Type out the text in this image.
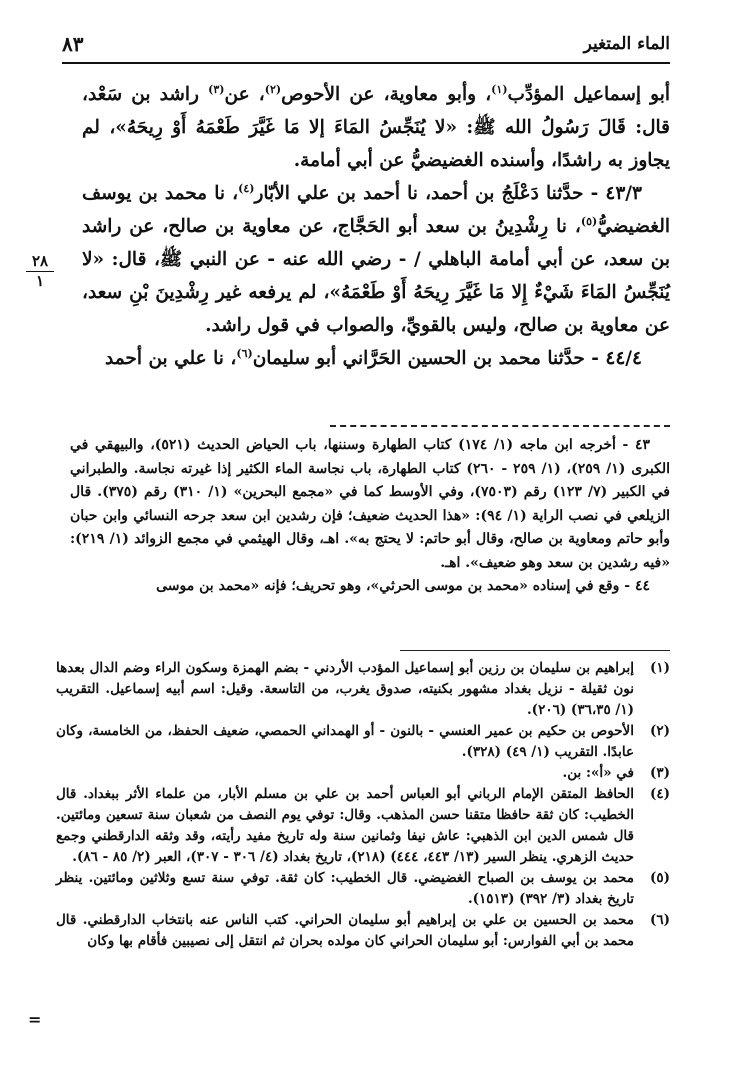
٨٣	الماء المتغير

أبو إسماعيل المؤدِّب$^{(١)}$، وأبو معاوية، عن الأحوص$^{(٢)}$، عن$^{(٣)}$ راشد بن سَعْد، قال: قَالَ رَسُولُ الله ﷺ: «لا يُنَجِّسُ المَاءَ إلا مَا غَيَّرَ طَعْمَهُ أَوْ رِيحَهُ»، لم يجاوز به راشدًا، وأسنده الغضيضيُّ عن أبي أمامة.

٤٣/٣ - حدَّثنا دَعْلَجُ بن أحمد، نا أحمد بن علي الأبّار$^{(٤)}$، نا محمد بن يوسف الغضيضيُّ$^{(٥)}$، نا رِشْدِينُ بن سعد أبو الحَجَّاج، عن معاوية بن صالح، عن راشد بن سعد، عن أبي أمامة الباهلي / - رضي الله عنه - عن النبي ﷺ، قال: «لا يُنَجِّسُ المَاءَ شَيْءٌ إِلا مَا غَيَّرَ رِيحَهُ أَوْ طَعْمَهُ»، لم يرفعه غير رِشْدِينَ بْنِ سعد، عن معاوية بن صالح، وليس بالقويِّ، والصواب في قول راشد.

٤٤/٤ - حدَّثنا محمد بن الحسين الحَرَّاني أبو سليمان$^{(٦)}$، نا علي بن أحمد

٢٨
١

٤٣ - أخرجه ابن ماجه (١/ ١٧٤) كتاب الطهارة وسننها، باب الحياض الحديث (٥٢١)، والبيهقي في الكبرى (١/ ٢٥٩)، (١/ ٢٥٩ - ٢٦٠) كتاب الطهارة، باب نجاسة الماء الكثير إذا غيرته نجاسة. والطبراني في الكبير (٧/ ١٢٣) رقم (٧٥٠٣)، وفي الأوسط كما في «مجمع البحرين» (١/ ٣١٠) رقم (٣٧٥). قال الزيلعي في نصب الراية (١/ ٩٤): «هذا الحديث ضعيف؛ فإن رشدين ابن سعد جرحه النسائي وابن حبان وأبو حاتم ومعاوية بن صالح، وقال أبو حاتم: لا يحتج به». اهـ، وقال الهيثمي في مجمع الزوائد (١/ ٢١٩): «فيه رشدين بن سعد وهو ضعيف». اهـ.

٤٤ - وقع في إسناده «محمد بن موسى الحرثي»، وهو تحريف؛ فإنه «محمد بن موسى

(١)
إبراهيم بن سليمان بن رزين أبو إسماعيل المؤدب الأردني - بضم الهمزة وسكون الراء وضم الدال بعدها نون ثقيلة - نزيل بغداد مشهور بكنيته، صدوق يغرب، من التاسعة. وقيل: اسم أبيه إسماعيل. التقريب (١/ ٣٦،٣٥) (٢٠٦).
(٢)
الأحوص بن حكيم بن عمير العنسي - بالنون - أو الهمداني الحمصي، ضعيف الحفظ، من الخامسة، وكان عابدًا. التقريب (١/ ٤٩) (٣٢٨).
(٣)
في «أ»: بن.
(٤)
الحافظ المتقن الإمام الرباني أبو العباس أحمد بن علي بن مسلم الأبار، من علماء الأثر ببغداد. قال الخطيب: كان ثقة حافظا متقنا حسن المذهب. وقال: توفي يوم النصف من شعبان سنة تسعين ومائتين. قال شمس الدين ابن الذهبي: عاش نيفا وثمانين سنة وله تاريخ مفيد رأيته، وقد وثقه الدارقطني وجمع حديث الزهري. ينظر السير (١٣/ ٤٤٣، ٤٤٤) (٢١٨)، تاريخ بغداد (٤/ ٣٠٦ - ٣٠٧)، العبر (٢/ ٨٥ - ٨٦).
(٥)
محمد بن يوسف بن الصباح الغضيضي. قال الخطيب: كان ثقة. توفي سنة تسع وثلاثين ومائتين. ينظر تاريخ بغداد (٣/ ٣٩٢) (١٥١٣).
(٦)
محمد بن الحسين بن علي بن إبراهيم أبو سليمان الحراني. كتب الناس عنه بانتخاب الدارقطني. قال محمد بن أبي الفوارس: أبو سليمان الحراني كان مولده بحران ثم انتقل إلى نصيبين فأقام بها وكان
=
